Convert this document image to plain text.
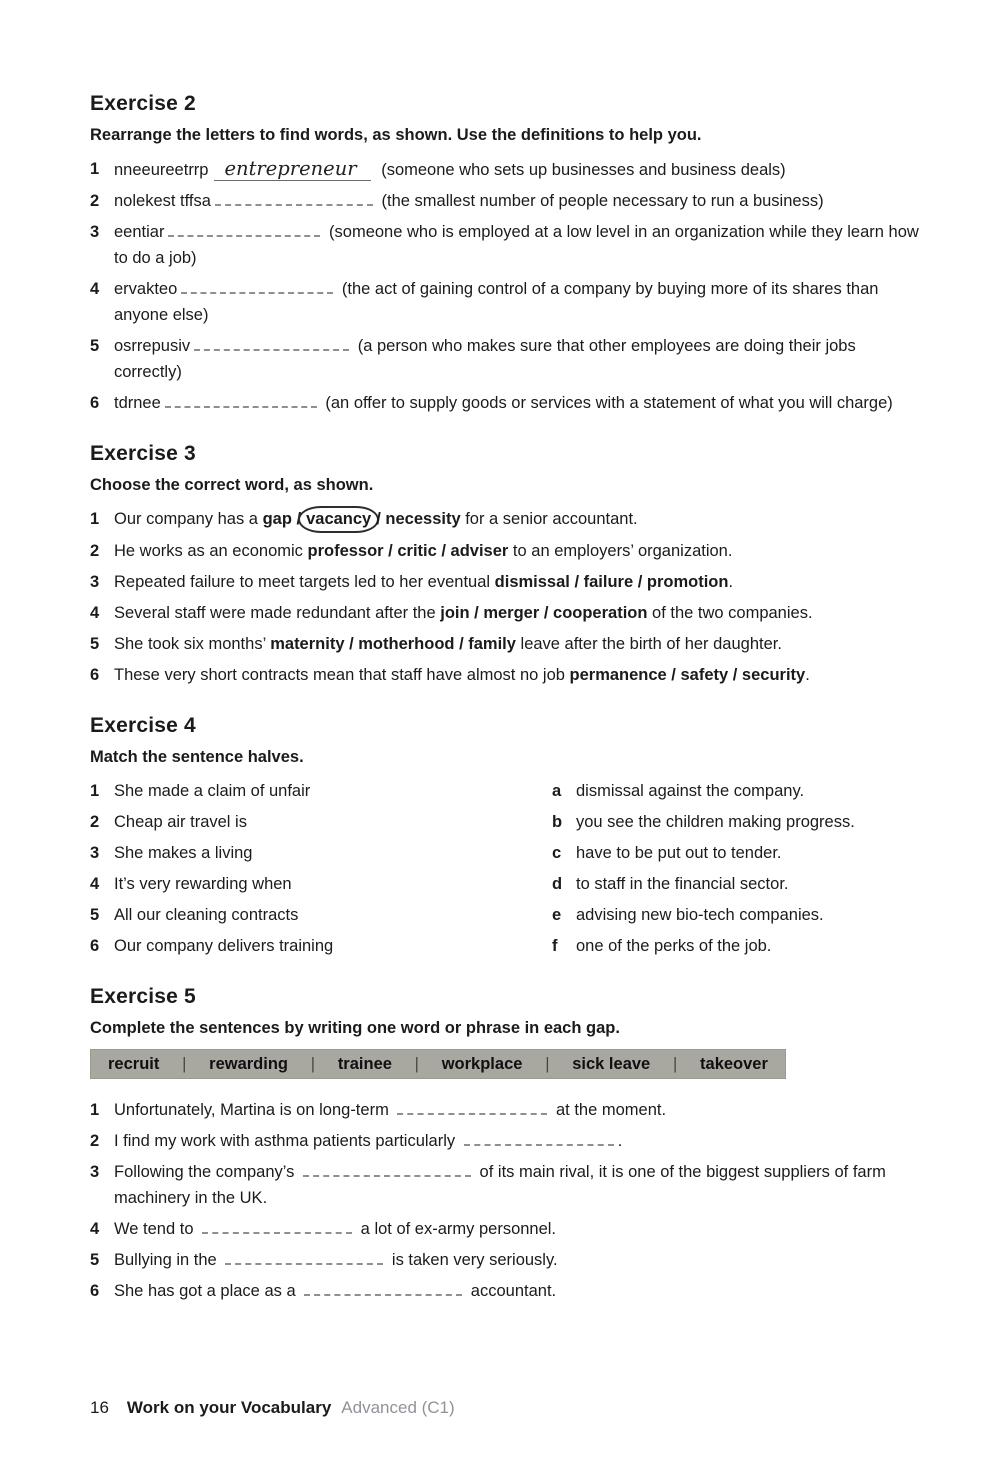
Exercise 2

Rearrange the letters to find words, as shown. Use the definitions to help you.

1 nneeureetrrp entrepreneur (someone who sets up businesses and business deals)
2 nolekest tffsa	(the smallest number of people necessary to run a business)
3 eentiar	(someone who is employed at a low level in an organization while they learn how to do a job)
4 ervakteo	(the act of gaining control of a company by buying more of its shares than anyone else)
5 osrrepusiv	(a person who makes sure that other employees are doing their jobs correctly)
6 tdrnee	(an offer to supply goods or services with a statement of what you will charge)
Exercise 3

Choose the correct word, as shown.

1 Our company has a gap / vacancy / necessity for a senior accountant.
2 He works as an economic professor / critic / adviser to an employers’ organization.
3 Repeated failure to meet targets led to her eventual dismissal / failure / promotion.
4 Several staff were made redundant after the join / merger / cooperation of the two companies.
5 She took six months’ maternity / motherhood / family leave after the birth of her daughter.
6 These very short contracts mean that staff have almost no job permanence / safety / security.
Exercise 4

Match the sentence halves.

1 She made a claim of unfair	a dismissal against the company.
2 Cheap air travel is	b you see the children making progress.
3 She makes a living	c have to be put out to tender.
4 It’s very rewarding when	d to staff in the financial sector.
5 All our cleaning contracts	e advising new bio-tech companies.
6 Our company delivers training	f	one of the perks of the job.
Exercise 5

Complete the sentences by writing one word or phrase in each gap.

recruit | rewarding | trainee | workplace | sick leave | takeover
1 Unfortunately, Martina is on long-term	at the moment.
2 I find my work with asthma patients particularly	.
3 Following the company’s	of its main rival, it is one of the biggest suppliers of farm machinery in the UK.
4 We tend to	a lot of ex-army personnel.
5 Bullying in the	is taken very seriously.
6 She has got a place as a	accountant.
16 Work on your Vocabulary Advanced (C1)
